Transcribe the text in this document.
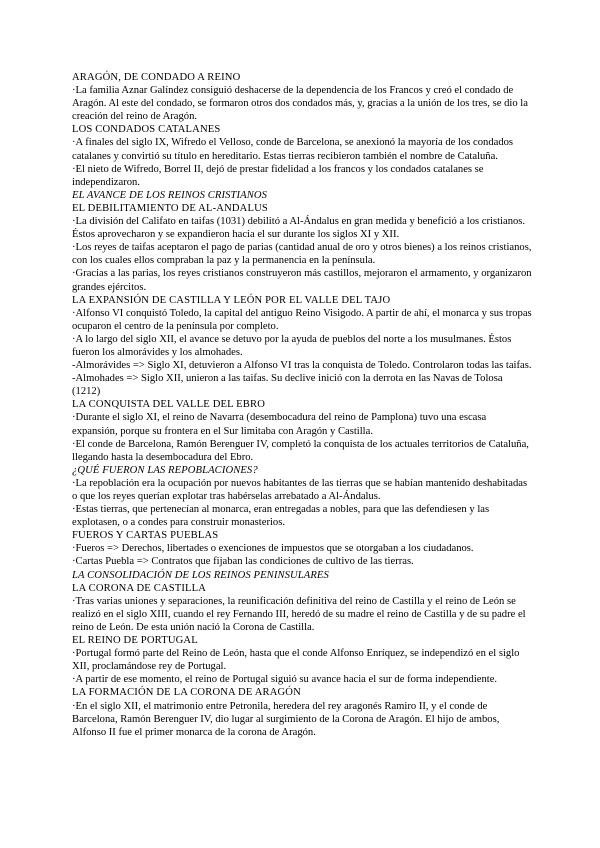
ARAGÓN, DE CONDADO A REINO
·La familia Aznar Galíndez consiguió deshacerse de la dependencia de los Francos y creó el condado de Aragón. Al este del condado, se formaron otros dos condados más, y, gracias a la unión de los tres, se dio la creación del reino de Aragón.
LOS CONDADOS CATALANES
·A finales del siglo IX, Wifredo el Velloso, conde de Barcelona, se anexionó la mayoría de los condados catalanes y convirtió su título en hereditario. Estas tierras recibieron también el nombre de Cataluña.
·El nieto de Wifredo, Borrel II, dejó de prestar fidelidad a los francos y los condados catalanes se independizaron.
EL AVANCE DE LOS REINOS CRISTIANOS
EL DEBILITAMIENTO DE AL-ANDALUS
·La división del Califato en taifas (1031) debilitó a Al-Ándalus en gran medida y benefició a los cristianos. Éstos aprovecharon y se expandieron hacia el sur durante los siglos XI y XII.
·Los reyes de taifas aceptaron el pago de parias (cantidad anual de oro y otros bienes) a los reinos cristianos, con los cuales ellos compraban la paz y la permanencia en la península.
·Gracias a las parias, los reyes cristianos construyeron más castillos, mejoraron el armamento, y organizaron grandes ejércitos.
LA EXPANSIÓN DE CASTILLA Y LEÓN POR EL VALLE DEL TAJO
·Alfonso VI conquistó Toledo, la capital del antiguo Reino Visigodo. A partir de ahí, el monarca y sus tropas ocuparon el centro de la península por completo.
·A lo largo del siglo XII, el avance se detuvo por la ayuda de pueblos del norte a los musulmanes. Éstos fueron los almorávides y los almohades.
-Almorávides => Siglo XI, detuvieron a Alfonso VI tras la conquista de Toledo. Controlaron todas las taifas.
-Almohades => Siglo XII, unieron a las taifas. Su declive inició con la derrota en las Navas de Tolosa (1212)
LA CONQUISTA DEL VALLE DEL EBRO
·Durante el siglo XI, el reino de Navarra (desembocadura del reino de Pamplona) tuvo una escasa expansión, porque su frontera en el Sur limitaba con Aragón y Castilla.
·El conde de Barcelona, Ramón Berenguer IV, completó la conquista de los actuales territorios de Cataluña, llegando hasta la desembocadura del Ebro.
¿QUÉ FUERON LAS REPOBLACIONES?
·La repoblación era la ocupación por nuevos habitantes de las tierras que se habían mantenido deshabitadas o que los reyes querían explotar tras habérselas arrebatado a Al-Ándalus.
·Estas tierras, que pertenecían al monarca, eran entregadas a nobles, para que las defendiesen y las explotasen, o a condes para construir monasterios.
FUEROS Y CARTAS PUEBLAS
·Fueros => Derechos, libertades o exenciones de impuestos que se otorgaban a los ciudadanos.
·Cartas Puebla => Contratos que fijaban las condiciones de cultivo de las tierras.
LA CONSOLIDACIÓN DE LOS REINOS PENINSULARES
LA CORONA DE CASTILLA
·Tras varias uniones y separaciones, la reunificación definitiva del reino de Castilla y el reino de León se realizó en el siglo XIII, cuando el rey Fernando III, heredó de su madre el reino de Castilla y de su padre el reino de León. De esta unión nació la Corona de Castilla.
EL REINO DE PORTUGAL
·Portugal formó parte del Reino de León, hasta que el conde Alfonso Enríquez, se independizó en el siglo XII, proclamándose rey de Portugal.
·A partir de ese momento, el reino de Portugal siguió su avance hacia el sur de forma independiente.
LA FORMACIÓN DE LA CORONA DE ARAGÓN
·En el siglo XII, el matrimonio entre Petronila, heredera del rey aragonés Ramiro II, y el conde de Barcelona, Ramón Berenguer IV, dio lugar al surgimiento de la Corona de Aragón. El hijo de ambos, Alfonso II fue el primer monarca de la corona de Aragón.
